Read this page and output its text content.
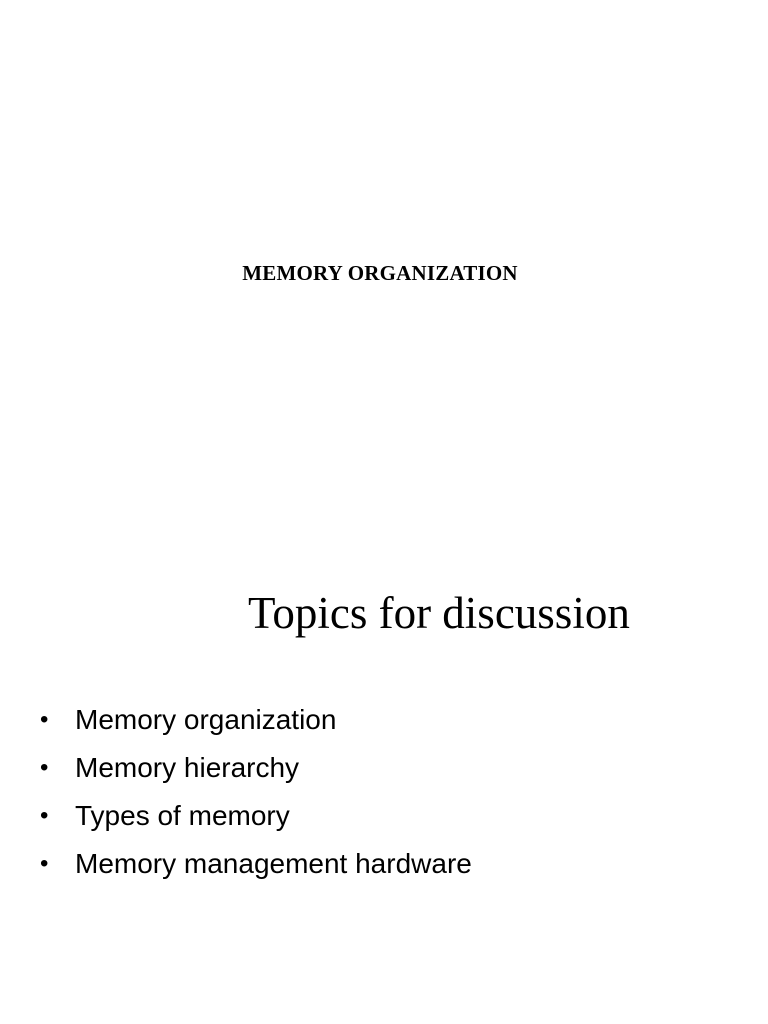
MEMORY ORGANIZATION
Topics for discussion
• Memory organization
• Memory hierarchy
• Types of memory
• Memory management hardware
